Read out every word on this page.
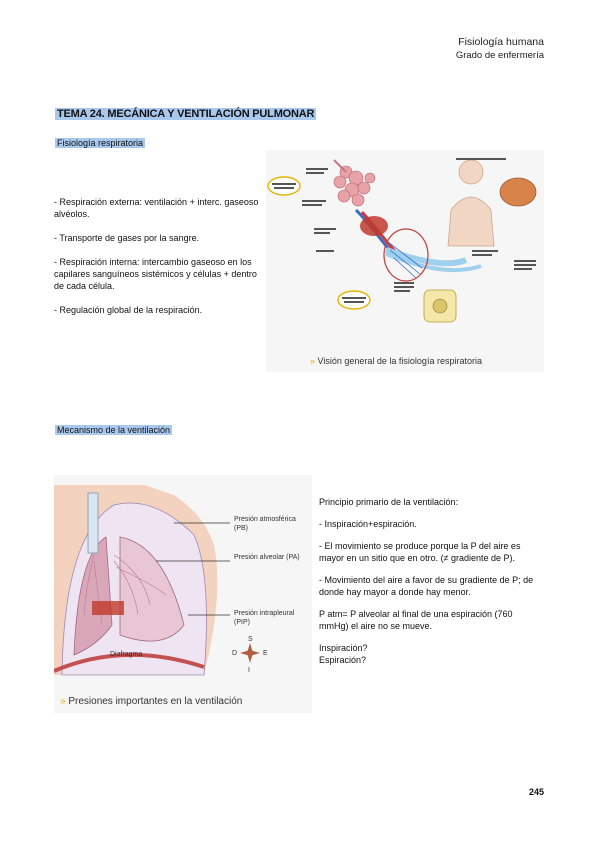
Fisiología humana
Grado de enfermería
TEMA 24. MECÁNICA Y VENTILACIÓN PULMONAR
Fisiología respiratoria

- Respiración externa: ventilación + interc. gaseoso alvéolos.

- Transporte de gases por la sangre.

- Respiración interna: intercambio gaseoso en los capilares sanguíneos sistémicos y células + dentro de cada célula.

- Regulación global de la respiración.

» Visión general de la fisiología respiratoria
Mecanismo de la ventilación
S
I
D	E
Presión atmosférica (PB)
Presión alveolar (PA)
Presión intrapleural (PIP)
Diafragma
» Presiones importantes en la ventilación

Principio primario de la ventilación:

- Inspiración+espiración.

- El movimiento se produce porque la P del aire es mayor en un sitio que en otro. (≠ gradiente de P).

- Movimiento del aire a favor de su gradiente de P; de donde hay mayor a donde hay menor.

P atm= P alveolar al final de una espiración (760 mmHg) el aire no se mueve.

Inspiración?
Espiración?
245
